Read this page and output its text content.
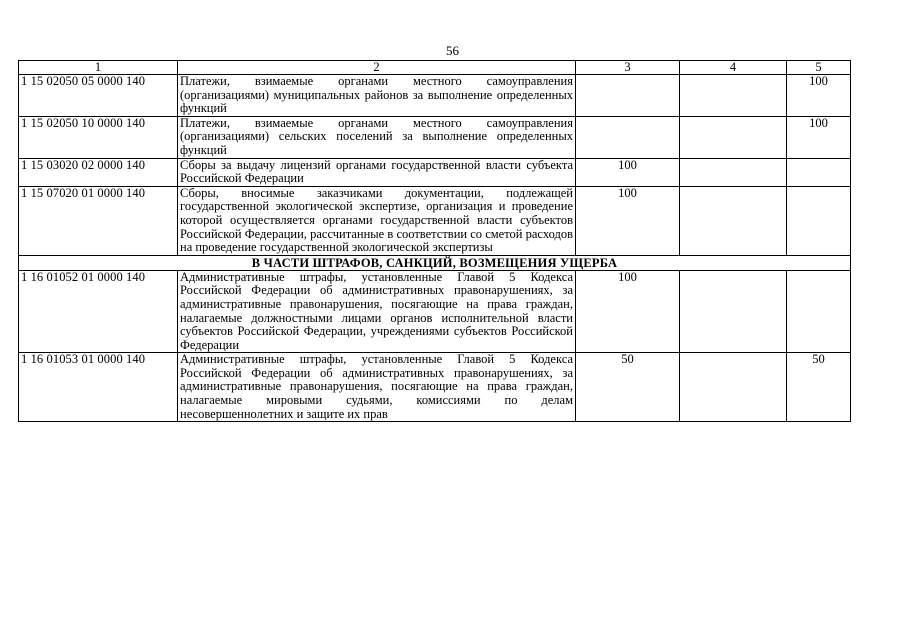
56
1	2	3	4	5
1 15 02050 05 0000 140	Платежи, взимаемые органами местного самоуправления (организациями) муниципальных районов за выполнение определенных функций			100
1 15 02050 10 0000 140	Платежи, взимаемые органами местного самоуправления (организациями) сельских поселений за выполнение определенных функций			100
1 15 03020 02 0000 140	Сборы за выдачу лицензий органами государственной власти субъекта Российской Федерации	100		
1 15 07020 01 0000 140	Сборы, вносимые заказчиками документации, подлежащей государственной экологической экспертизе, организация и проведение которой осуществляется органами государственной власти субъектов Российской Федерации, рассчитанные в соответствии со сметой расходов на проведение государственной экологической экспертизы	100		
В ЧАСТИ ШТРАФОВ, САНКЦИЙ, ВОЗМЕЩЕНИЯ УЩЕРБА				
1 16 01052 01 0000 140	Административные штрафы, установленные Главой 5 Кодекса Российской Федерации об административных правонарушениях, за административные правонарушения, посягающие на права граждан, налагаемые должностными лицами органов исполнительной власти субъектов Российской Федерации, учреждениями субъектов Российской Федерации	100		
1 16 01053 01 0000 140	Административные штрафы, установленные Главой 5 Кодекса Российской Федерации об административных правонарушениях, за административные правонарушения, посягающие на права граждан, налагаемые мировыми судьями, комиссиями по делам несовершеннолетних и защите их прав	50		50
